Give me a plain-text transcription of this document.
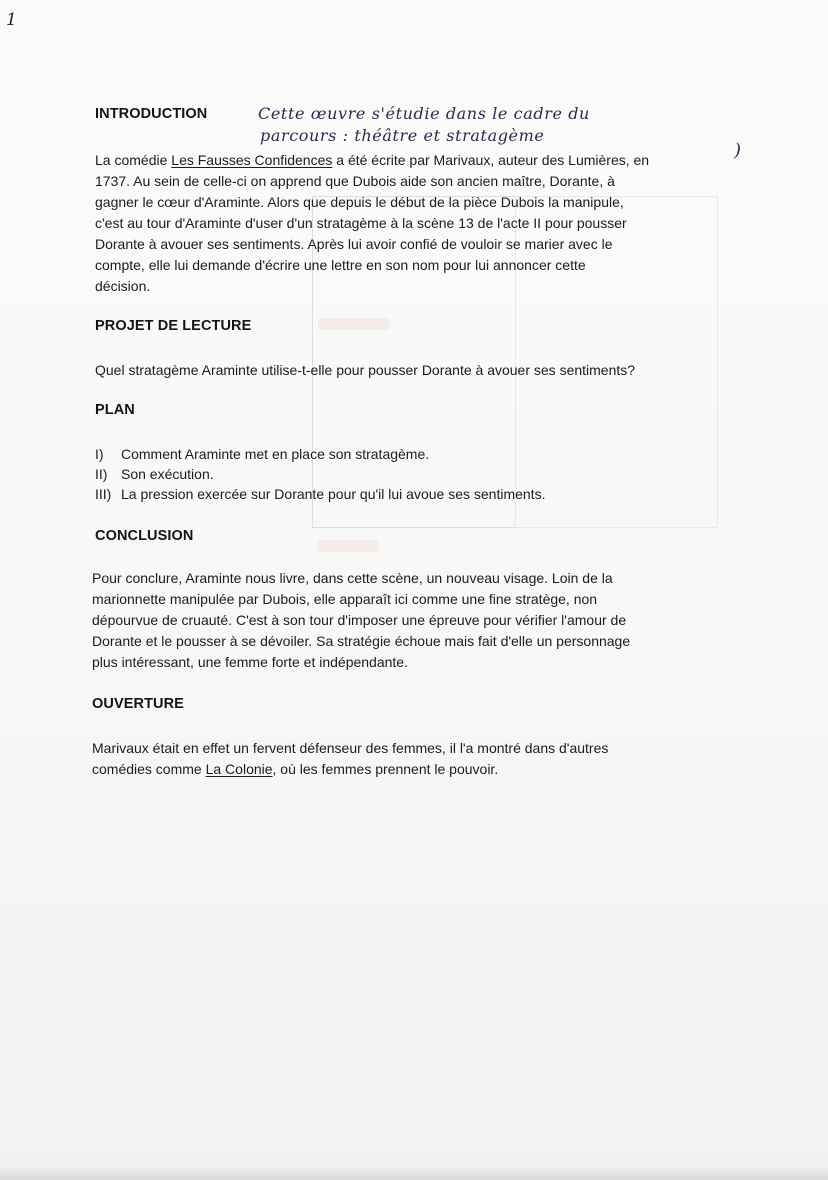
1
INTRODUCTION	Cette œuvre s'étudie dans le cadre du
parcours : théâtre et stratagème
)
La comédie Les Fausses Confidences a été écrite par Marivaux, auteur des Lumières, en
1737. Au sein de celle-ci on apprend que Dubois aide son ancien maître, Dorante, à
gagner le cœur d'Araminte. Alors que depuis le début de la pièce Dubois la manipule,
c'est au tour d'Araminte d'user d'un stratagème à la scène 13 de l'acte II pour pousser
Dorante à avouer ses sentiments. Après lui avoir confié de vouloir se marier avec le
compte, elle lui demande d'écrire une lettre en son nom pour lui annoncer cette
décision.
PROJET DE LECTURE
Quel stratagème Araminte utilise-t-elle pour pousser Dorante à avouer ses sentiments?
PLAN
I) Comment Araminte met en place son stratagème.
II) Son exécution.
III) La pression exercée sur Dorante pour qu'il lui avoue ses sentiments.
CONCLUSION
Pour conclure, Araminte nous livre, dans cette scène, un nouveau visage. Loin de la
marionnette manipulée par Dubois, elle apparaît ici comme une fine stratège, non
dépourvue de cruauté. C'est à son tour d'imposer une épreuve pour vérifier l'amour de
Dorante et le pousser à se dévoiler. Sa stratégie échoue mais fait d'elle un personnage
plus intéressant, une femme forte et indépendante.
OUVERTURE
Marivaux était en effet un fervent défenseur des femmes, il l'a montré dans d'autres
comédies comme La Colonie, où les femmes prennent le pouvoir.
